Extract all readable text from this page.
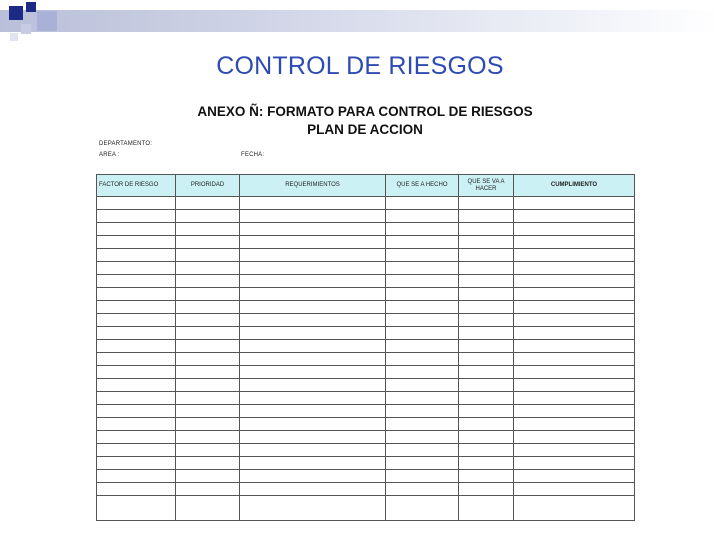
CONTROL DE RIESGOS
ANEXO Ñ: FORMATO PARA CONTROL DE RIESGOS
PLAN DE ACCION
DEPARTAMENTO:
AREA :	FECHA:
FACTOR DE RIESGO	PRIORIDAD	REQUERIMIENTOS	QUE SE A HECHO	QUE SE VA A HACER	CUMPLIMIENTO
